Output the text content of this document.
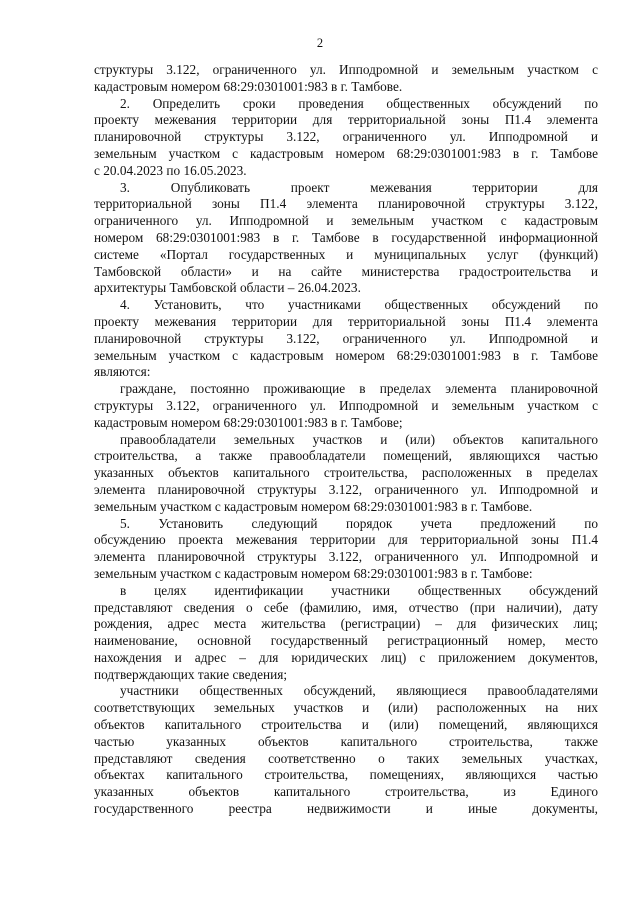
2
структуры 3.122, ограниченного ул. Ипподромной и земельным участком с
кадастровым номером 68:29:0301001:983 в г. Тамбове.
2. Определить сроки проведения общественных обсуждений по
проекту межевания территории для территориальной зоны П1.4 элемента
планировочной структуры 3.122, ограниченного ул. Ипподромной и
земельным участком с кадастровым номером 68:29:0301001:983 в г. Тамбове
с 20.04.2023 по 16.05.2023.
3. Опубликовать проект межевания территории для
территориальной зоны П1.4 элемента планировочной структуры 3.122,
ограниченного ул. Ипподромной и земельным участком с кадастровым
номером 68:29:0301001:983 в г. Тамбове в государственной информационной
системе «Портал государственных и муниципальных услуг (функций)
Тамбовской области» и на сайте министерства градостроительства и
архитектуры Тамбовской области – 26.04.2023.
4. Установить, что участниками общественных обсуждений по
проекту межевания территории для территориальной зоны П1.4 элемента
планировочной структуры 3.122, ограниченного ул. Ипподромной и
земельным участком с кадастровым номером 68:29:0301001:983 в г. Тамбове
являются:
граждане, постоянно проживающие в пределах элемента планировочной
структуры 3.122, ограниченного ул. Ипподромной и земельным участком с
кадастровым номером 68:29:0301001:983 в г. Тамбове;
правообладатели земельных участков и (или) объектов капитального
строительства, а также правообладатели помещений, являющихся частью
указанных объектов капитального строительства, расположенных в пределах
элемента планировочной структуры 3.122, ограниченного ул. Ипподромной и
земельным участком с кадастровым номером 68:29:0301001:983 в г. Тамбове.
5. Установить следующий порядок учета предложений по
обсуждению проекта межевания территории для территориальной зоны П1.4
элемента планировочной структуры 3.122, ограниченного ул. Ипподромной и
земельным участком с кадастровым номером 68:29:0301001:983 в г. Тамбове:
в целях идентификации участники общественных обсуждений
представляют сведения о себе (фамилию, имя, отчество (при наличии), дату
рождения, адрес места жительства (регистрации) – для физических лиц;
наименование, основной государственный регистрационный номер, место
нахождения и адрес – для юридических лиц) с приложением документов,
подтверждающих такие сведения;
участники общественных обсуждений, являющиеся правообладателями
соответствующих земельных участков и (или) расположенных на них
объектов капитального строительства и (или) помещений, являющихся
частью указанных объектов капитального строительства, также
представляют сведения соответственно о таких земельных участках,
объектах капитального строительства, помещениях, являющихся частью
указанных объектов капитального строительства, из Единого
государственного реестра недвижимости и иные документы,
